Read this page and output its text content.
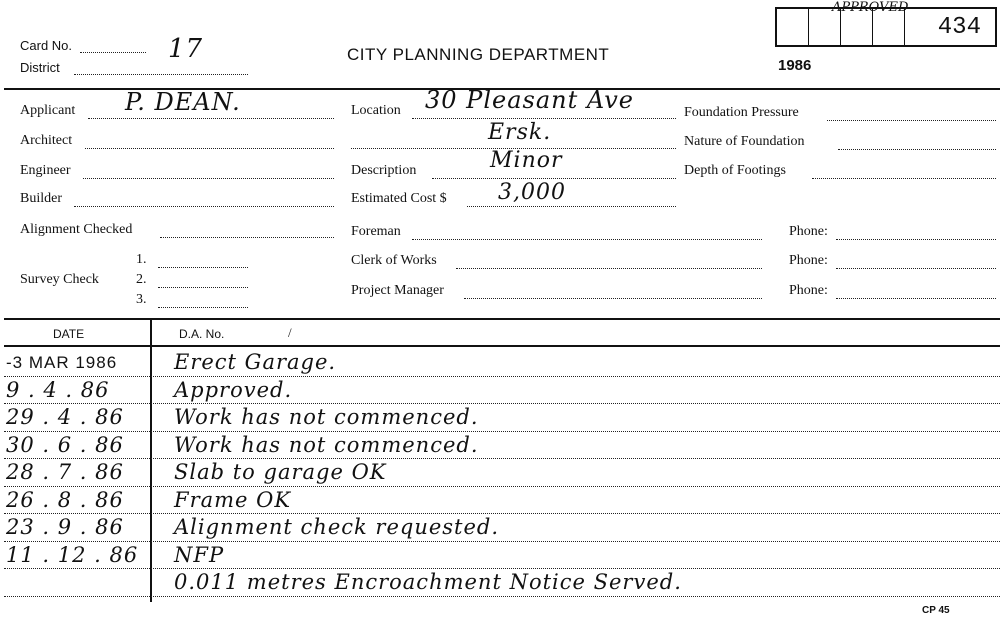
APPROVED
434
Card No.	17
District
CITY PLANNING DEPARTMENT
1986
Applicant P. DEAN.
Architect
Engineer
Builder
Alignment Checked
Survey Check
1.
2.
3.
Location 30 Pleasant Ave
Ersk.
Description	Minor
Estimated Cost $ 3,000
Foreman
Clerk of Works
Project Manager
Phone:
Phone:
Phone:
Foundation Pressure
Nature of Foundation
Depth of Footings
DATE	D.A. No.	/
-3 MAR 1986	Erect Garage.
9 . 4 . 86	Approved.
29 . 4 . 86	Work has not commenced.
30 . 6 . 86	Work has not commenced.
28 . 7 . 86	Slab to garage OK
26 . 8 . 86	Frame OK
23 . 9 . 86	Alignment check requested.
11 . 12 . 86	NFP
0.011 metres Encroachment Notice Served.
CP 45
